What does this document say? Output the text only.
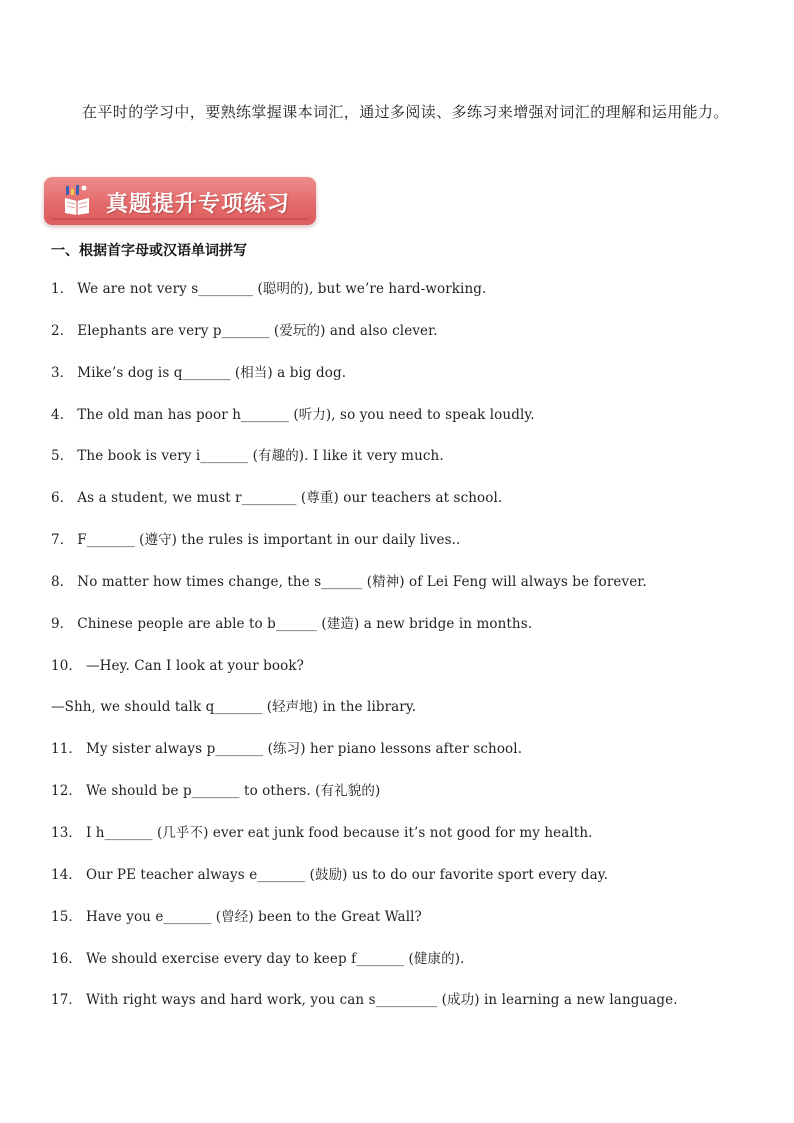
在平时的学习中，要熟练掌握课本词汇，通过多阅读、多练习来增强对词汇的理解和运用能力。

真题提升专项练习
一、根据首字母或汉语单词拼写
1． We are not very s________ (聪明的), but we’re hard-working.
2． Elephants are very p_______ (爱玩的) and also clever.
3． Mike’s dog is q_______ (相当) a big dog.
4． The old man has poor h_______ (听力), so you need to speak loudly.
5． The book is very i_______ (有趣的). I like it very much.
6． As a student, we must r________ (尊重) our teachers at school.
7． F_______ (遵守) the rules is important in our daily lives..
8． No matter how times change, the s______ (精神) of Lei Feng will always be forever.
9． Chinese people are able to b______ (建造) a new bridge in months.
10． —Hey. Can I look at your book?
—Shh, we should talk q_______ (轻声地) in the library.
11． My sister always p_______ (练习) her piano lessons after school.
12． We should be p_______ to others. (有礼貌的)
13． I h_______ (几乎不) ever eat junk food because it’s not good for my health.
14． Our PE teacher always e_______ (鼓励) us to do our favorite sport every day.
15． Have you e_______ (曾经) been to the Great Wall?
16． We should exercise every day to keep f_______ (健康的).
17． With right ways and hard work, you can s_________ (成功) in learning a new language.
